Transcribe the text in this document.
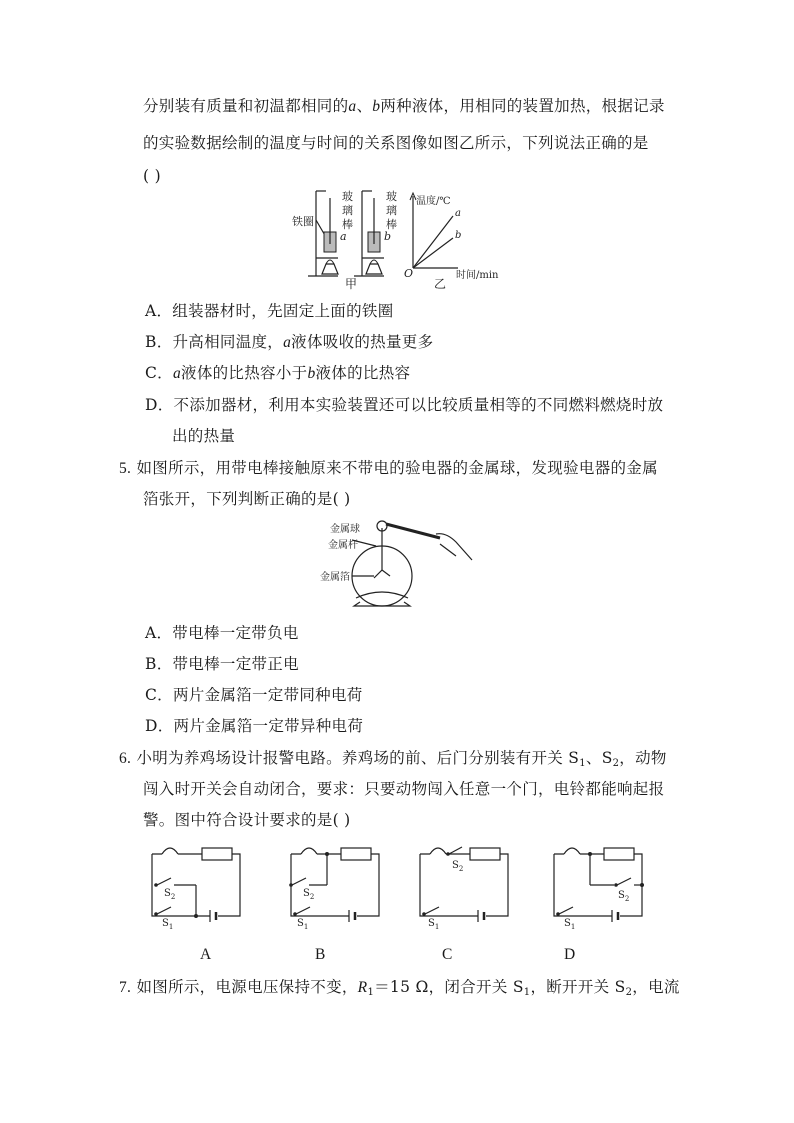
分别装有质量和初温都相同的a、b两种液体，用相同的装置加热，根据记录
的实验数据绘制的温度与时间的关系图像如图乙所示，下列说法正确的是
( )
铁圈
玻
璃
棒
玻
璃
棒
a	b
甲
温度/℃
时间/min
O
a
b
乙
A．组装器材时，先固定上面的铁圈
B．升高相同温度，a液体吸收的热量更多
C．a液体的比热容小于b液体的比热容
D．不添加器材，利用本实验装置还可以比较质量相等的不同燃料燃烧时放
出的热量
5. 如图所示，用带电棒接触原来不带电的验电器的金属球，发现验电器的金属
箔张开，下列判断正确的是( )
金属球
金属杆
金属箔
A．带电棒一定带负电
B．带电棒一定带正电
C．两片金属箔一定带同种电荷
D．两片金属箔一定带异种电荷
6. 小明为养鸡场设计报警电路。养鸡场的前、后门分别装有开关 $S_1$、$S_2$，动物
闯入时开关会自动闭合，要求：只要动物闯入任意一个门，电铃都能响起报
警。图中符合设计要求的是( )
$S_2$
$S_1$
$S_2$
$S_1$
$S_2$
$S_1$
$S_2$
$S_1$
A	B	C	D
7. 如图所示，电源电压保持不变，$R_1=15$ Ω，闭合开关 $S_1$，断开开关 $S_2$，电流
